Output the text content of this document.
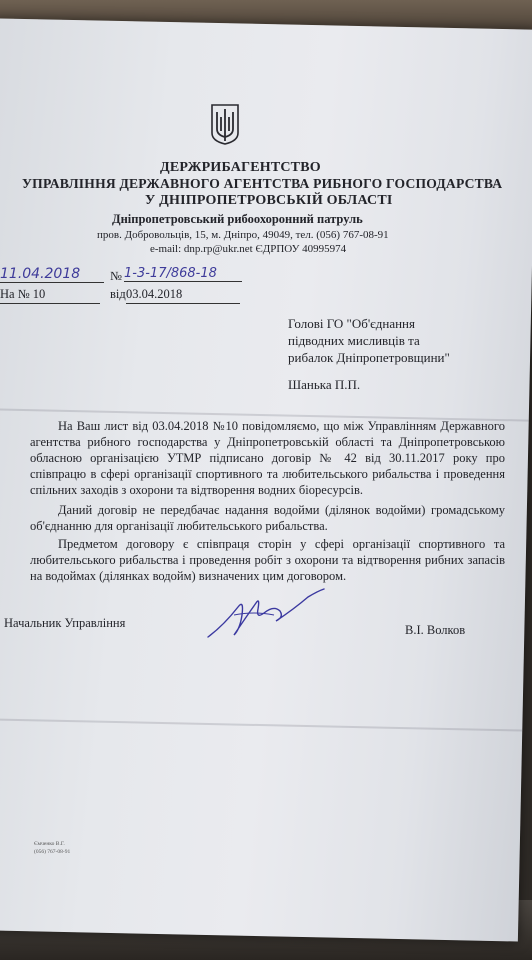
ДЕРЖРИБАГЕНТСТВО
УПРАВЛІННЯ ДЕРЖАВНОГО АГЕНТСТВА РИБНОГО ГОСПОДАРСТВА
У ДНІПРОПЕТРОВСЬКІЙ ОБЛАСТІ
Дніпропетровський рибоохоронний патруль
пров. Добровольців, 15, м. Дніпро, 49049, тел. (056) 767-08-91
e-mail: dnp.rp@ukr.net ЄДРПОУ 40995974
11.04.2018	№ 1-3-17/868-18
На № 10	від 03.04.2018
Голові ГО "Об'єднання
підводних мисливців та
рибалок Дніпропетровщини"
Шанька П.П.
На Ваш лист від 03.04.2018 №10 повідомляємо, що між Управлінням Державного агентства рибного господарства у Дніпропетровській області та Дніпропетровською обласною організацією УТМР підписано договір № 42 від 30.11.2017 року про співпрацю в сфері організації спортивного та любительського рибальства і проведення спільних заходів з охорони та відтворення водних біоресурсів.
Даний договір не передбачає надання водойми (ділянок водойми) громадському об'єднанню для організації любительського рибальства.
Предметом договору є співпраця сторін у сфері організації спортивного та любительського рибальства і проведення робіт з охорони та відтворення рибних запасів на водоймах (ділянках водойм) визначених цим договором.
Начальник Управління	В.І. Волков
Ємченко В.Г.
(056) 767-08-91
